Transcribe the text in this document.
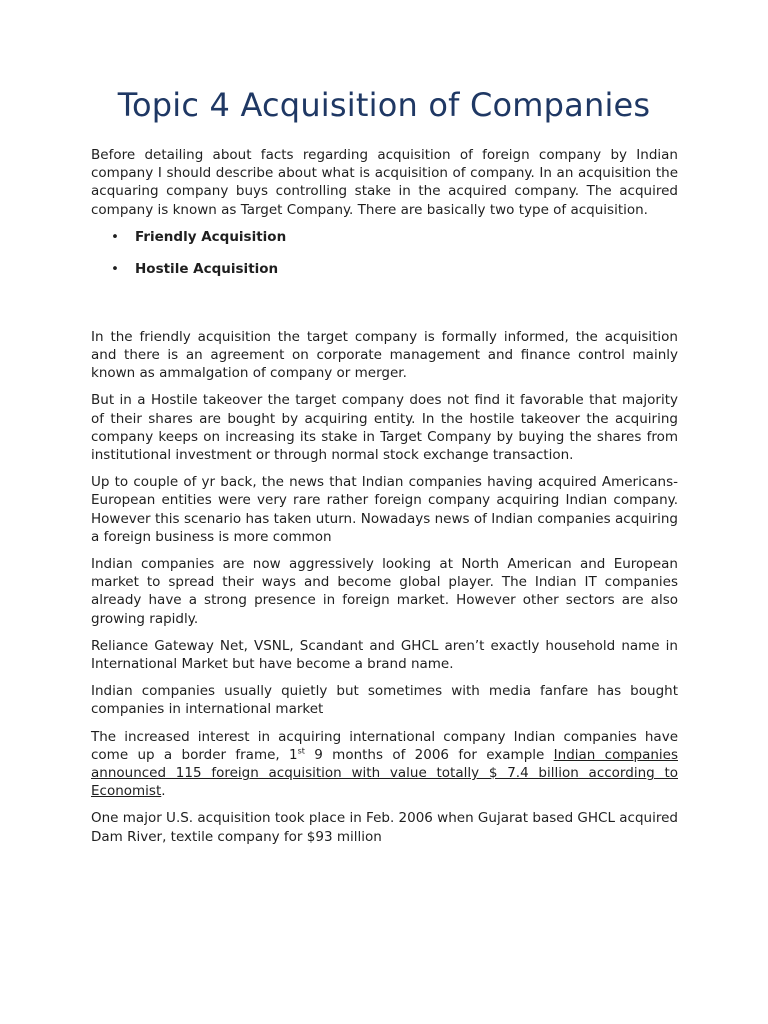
Topic 4 Acquisition of Companies

Before detailing about facts regarding acquisition of foreign company by Indian company I should describe about what is acquisition of company. In an acquisition the acquaring company buys controlling stake in the acquired company. The acquired company is known as Target Company. There are basically two type of acquisition.

• Friendly Acquisition
• Hostile Acquisition

In the friendly acquisition the target company is formally informed, the acquisition and there is an agreement on corporate management and finance control mainly known as ammalgation of company or merger.

But in a Hostile takeover the target company does not find it favorable that majority of their shares are bought by acquiring entity. In the hostile takeover the acquiring company keeps on increasing its stake in Target Company by buying the shares from institutional investment or through normal stock exchange transaction.

Up to couple of yr back, the news that Indian companies having acquired Americans- European entities were very rare rather foreign company acquiring Indian company. However this scenario has taken uturn. Nowadays news of Indian companies acquiring a foreign business is more common

Indian companies are now aggressively looking at North American and European market to spread their ways and become global player. The Indian IT companies already have a strong presence in foreign market. However other sectors are also growing rapidly.

Reliance Gateway Net, VSNL, Scandant and GHCL aren’t exactly household name in International Market but have become a brand name.

Indian companies usually quietly but sometimes with media fanfare has bought companies in international market

The increased interest in acquiring international company Indian companies have come up a border frame, 1st 9 months of 2006 for example Indian companies announced 115 foreign acquisition with value totally $ 7.4 billion according to Economist.

One major U.S. acquisition took place in Feb. 2006 when Gujarat based GHCL acquired Dam River, textile company for $93 million
